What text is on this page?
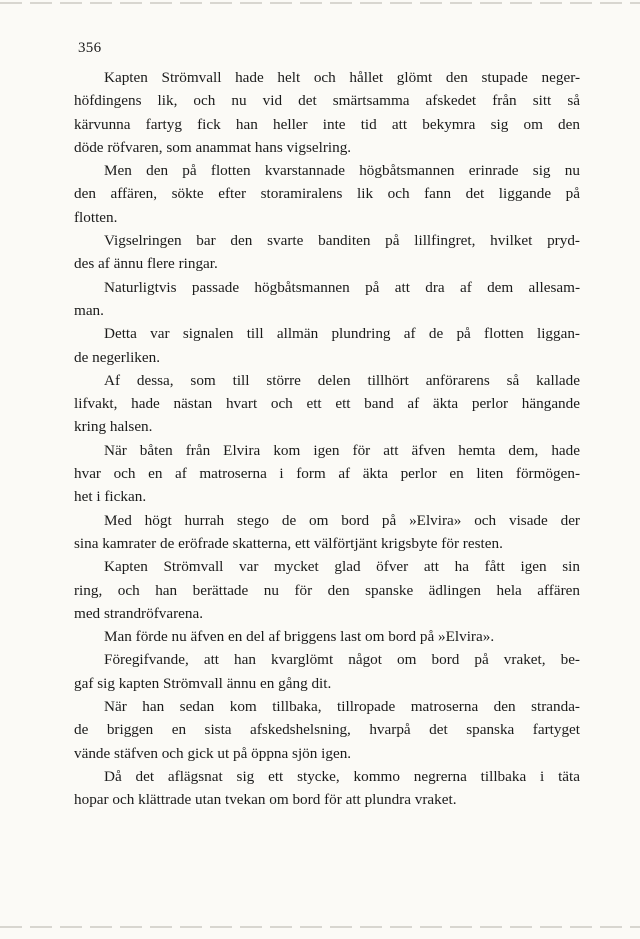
356
Kapten Strömvall hade helt och hållet glömt den stupade neger-
höfdingens lik, och nu vid det smärtsamma afskedet från sitt så
kärvunna fartyg fick han heller inte tid att bekymra sig om den
döde röfvaren, som anammat hans vigselring.
Men den på flotten kvarstannade högbåtsmannen erinrade sig nu
den affären, sökte efter storamiralens lik och fann det liggande på
flotten.
Vigselringen bar den svarte banditen på lillfingret, hvilket pryd-
des af ännu flere ringar.
Naturligtvis passade högbåtsmannen på att dra af dem allesam-
man.
Detta var signalen till allmän plundring af de på flotten liggan-
de negerliken.
Af dessa, som till större delen tillhört anförarens så kallade
lifvakt, hade nästan hvart och ett ett band af äkta perlor hängande
kring halsen.
När båten från Elvira kom igen för att äfven hemta dem, hade
hvar och en af matroserna i form af äkta perlor en liten förmögen-
het i fickan.
Med högt hurrah stego de om bord på »Elvira» och visade der
sina kamrater de eröfrade skatterna, ett välförtjänt krigsbyte för resten.
Kapten Strömvall var mycket glad öfver att ha fått igen sin
ring, och han berättade nu för den spanske ädlingen hela affären
med strandröfvarena.
Man förde nu äfven en del af briggens last om bord på »Elvira».
Föregifvande, att han kvarglömt något om bord på vraket, be-
gaf sig kapten Strömvall ännu en gång dit.
När han sedan kom tillbaka, tillropade matroserna den stranda-
de briggen en sista afskedshelsning, hvarpå det spanska fartyget
vände stäfven och gick ut på öppna sjön igen.
Då det aflägsnat sig ett stycke, kommo negrerna tillbaka i täta
hopar och klättrade utan tvekan om bord för att plundra vraket.
